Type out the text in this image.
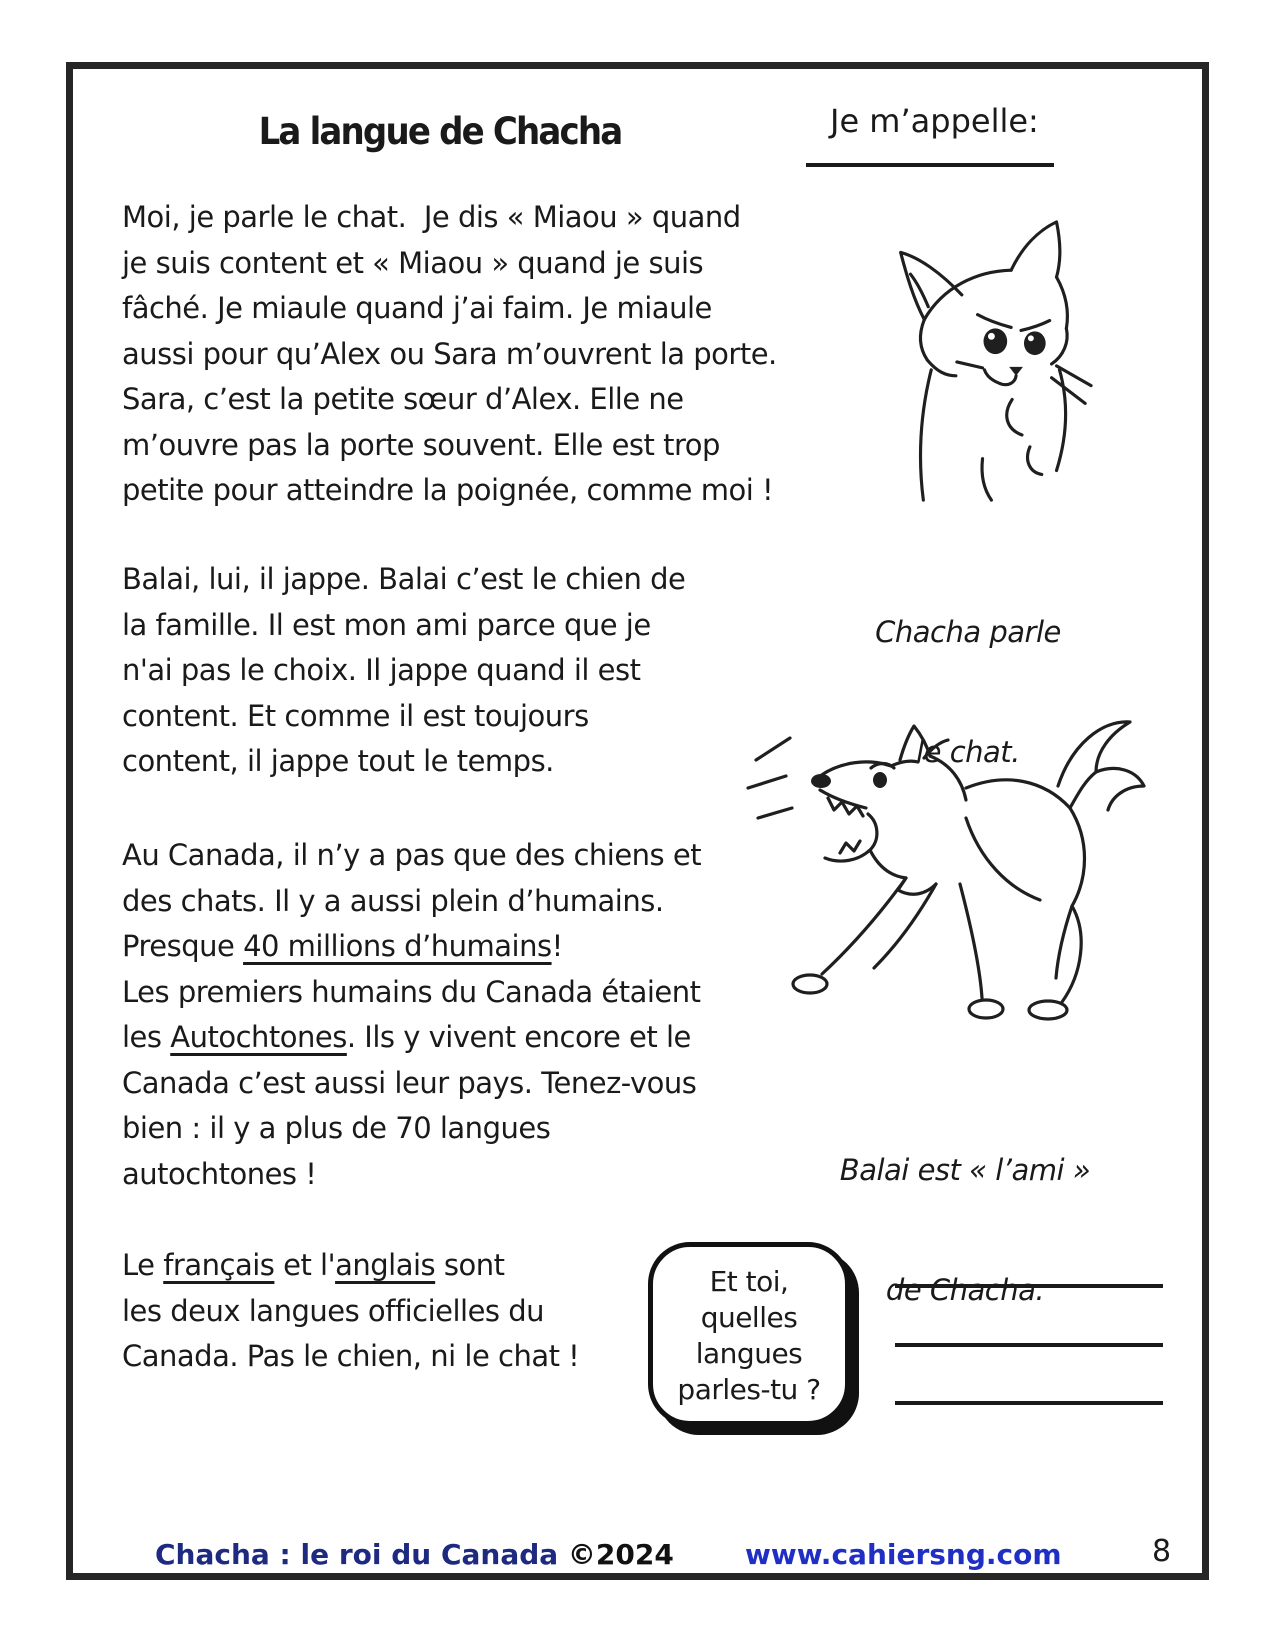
La langue de Chacha	Je m’appelle:
Moi, je parle le chat.  Je dis « Miaou » quand
je suis content et « Miaou » quand je suis
fâché. Je miaule quand j’ai faim. Je miaule
aussi pour qu’Alex ou Sara m’ouvrent la porte.
Sara, c’est la petite sœur d’Alex. Elle ne
m’ouvre pas la porte souvent. Elle est trop
petite pour atteindre la poignée, comme moi !

Chacha parle

le chat.

Balai, lui, il jappe. Balai c’est le chien de
la famille. Il est mon ami parce que je
n'ai pas le choix. Il jappe quand il est
content. Et comme il est toujours
content, il jappe tout le temps.

Balai est « l’ami »

de Chacha.

Au Canada, il n’y a pas que des chiens et
des chats. Il y a aussi plein d’humains.
Presque 40 millions d’humains!
Les premiers humains du Canada étaient
les Autochtones. Ils y vivent encore et le
Canada c’est aussi leur pays. Tenez-vous
bien : il y a plus de 70 langues
autochtones !
Le français et l'anglais sont
les deux langues officielles du
Canada. Pas le chien, ni le chat !
Et toi,
quelles
langues
parles-tu ?
Chacha : le roi du Canada ©2024	www.cahiersng.com	8
